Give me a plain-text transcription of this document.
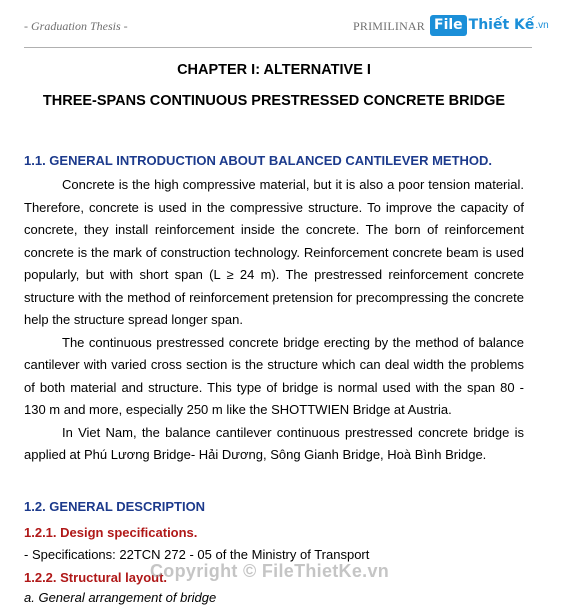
- Graduation Thesis -	PRIMILINAR File Thiết Kế .vn
CHAPTER I: ALTERNATIVE I
THREE-SPANS CONTINUOUS PRESTRESSED CONCRETE BRIDGE
1.1. GENERAL INTRODUCTION ABOUT BALANCED CANTILEVER METHOD.

Concrete is the high compressive material, but it is also a poor tension material. Therefore, concrete is used in the compressive structure. To improve the capacity of concrete, they install reinforcement inside the concrete. The born of reinforcement concrete is the mark of construction technology. Reinforcement concrete beam is used popularly, but with short span (L ≥ 24 m). The prestressed reinforcement concrete structure with the method of reinforcement pretension for precompressing the concrete help the structure spread longer span.

The continuous prestressed concrete bridge erecting by the method of balance cantilever with varied cross section is the structure which can deal width the problems of both material and structure. This type of bridge is normal used with the span 80 - 130 m and more, especially 250 m like the SHOTTWIEN Bridge at Austria.

In Viet Nam, the balance cantilever continuous prestressed concrete bridge is applied at Phú Lương Bridge- Hải Dương, Sông Gianh Bridge, Hoà Bình Bridge.

1.2. GENERAL DESCRIPTION
1.2.1. Design specifications.
- Specifications: 22TCN 272 - 05 of the Ministry of Transport
1.2.2. Structural layout.
a. General arrangement of bridge
Copyright © FileThietKe.vn
